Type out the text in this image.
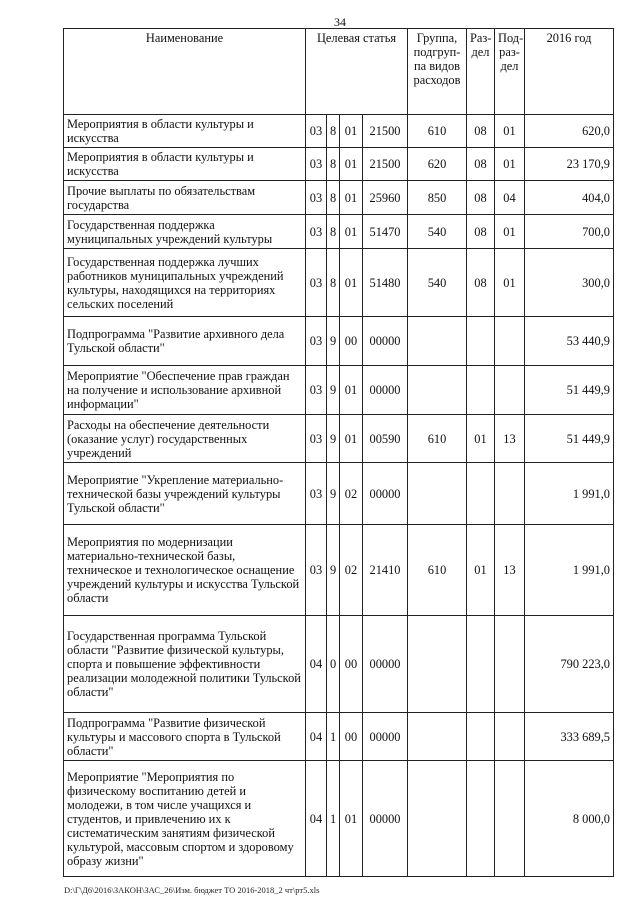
34
Наименование	Целевая статья				Группа,
подгруп-
па видов
расходов	Раз-
дел	Под-
раз-
дел	2016 год
Мероприятия в области культуры и искусства	03	8	01	21500	610	08	01	620,0
Мероприятия в области культуры и искусства	03	8	01	21500	620	08	01	23 170,9
Прочие выплаты по обязательствам государства	03	8	01	25960	850	08	04	404,0
Государственная поддержка муниципальных учреждений культуры	03	8	01	51470	540	08	01	700,0
Государственная поддержка лучших работников муниципальных учреждений культуры, находящихся на территориях сельских поселений	03	8	01	51480	540	08	01	300,0
Подпрограмма "Развитие архивного дела Тульской области"	03	9	00	00000				53 440,9
Мероприятие "Обеспечение прав граждан на получение и использование архивной информации"	03	9	01	00000				51 449,9
Расходы на обеспечение деятельности (оказание услуг) государственных учреждений	03	9	01	00590	610	01	13	51 449,9
Мероприятие "Укрепление материально-технической базы учреждений культуры Тульской области"	03	9	02	00000				1 991,0
Мероприятия по модернизации материально-технической базы, техническое и технологическое оснащение учреждений культуры и искусства Тульской области	03	9	02	21410	610	01	13	1 991,0
Государственная программа Тульской области "Развитие физической культуры, спорта и повышение эффективности реализации молодежной политики Тульской области"	04	0	00	00000				790 223,0
Подпрограмма "Развитие физической культуры и массового спорта в Тульской области"	04	1	00	00000				333 689,5
Мероприятие "Мероприятия по физическому воспитанию детей и молодежи, в том числе учащихся и студентов, и привлечению их к систематическим занятиям физической культурой, массовым спортом и здоровому образу жизни"	04	1	01	00000				8 000,0
D:\Г\Д6\2016\ЗАКОН\ЗАС_26\Изм. бюджет ТО 2016-2018_2 чт\рт5.xls
